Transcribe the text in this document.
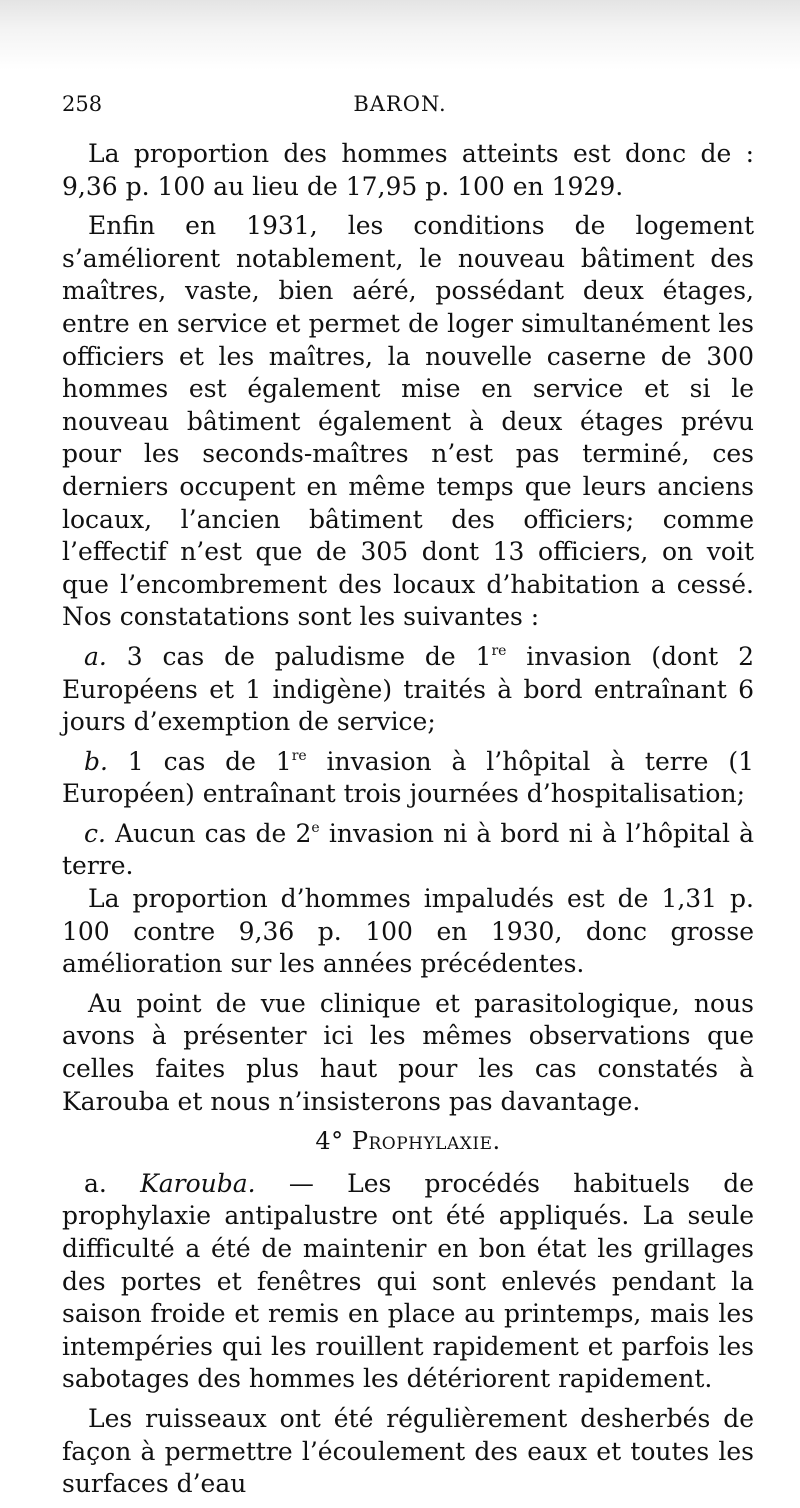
258	BARON.

La proportion des hommes atteints est donc de : 9,36 p. 100 au lieu de 17,95 p. 100 en 1929.

Enfin en 1931, les conditions de logement s’améliorent notablement, le nouveau bâtiment des maîtres, vaste, bien aéré, possédant deux étages, entre en service et permet de loger simultanément les officiers et les maîtres, la nouvelle caserne de 300 hommes est également mise en service et si le nouveau bâtiment également à deux étages prévu pour les seconds-maîtres n’est pas terminé, ces derniers occupent en même temps que leurs anciens locaux, l’ancien bâtiment des officiers; comme l’effectif n’est que de 305 dont 13 officiers, on voit que l’encombrement des locaux d’habitation a cessé. Nos constatations sont les suivantes :

a. 3 cas de paludisme de 1re invasion (dont 2 Européens et 1 indigène) traités à bord entraînant 6 jours d’exemption de service;

b. 1 cas de 1re invasion à l’hôpital à terre (1 Européen) entraînant trois journées d’hospitalisation;

c. Aucun cas de 2e invasion ni à bord ni à l’hôpital à terre.

La proportion d’hommes impaludés est de 1,31 p. 100 contre 9,36 p. 100 en 1930, donc grosse amélioration sur les années précédentes.

Au point de vue clinique et parasitologique, nous avons à présenter ici les mêmes observations que celles faites plus haut pour les cas constatés à Karouba et nous n’insisterons pas davantage.

4° Prophylaxie.

a. Karouba. — Les procédés habituels de prophylaxie antipalustre ont été appliqués. La seule difficulté a été de maintenir en bon état les grillages des portes et fenêtres qui sont enlevés pendant la saison froide et remis en place au printemps, mais les intempéries qui les rouillent rapidement et parfois les sabotages des hommes les détériorent rapidement.

Les ruisseaux ont été régulièrement desherbés de façon à permettre l’écoulement des eaux et toutes les surfaces d’eau
